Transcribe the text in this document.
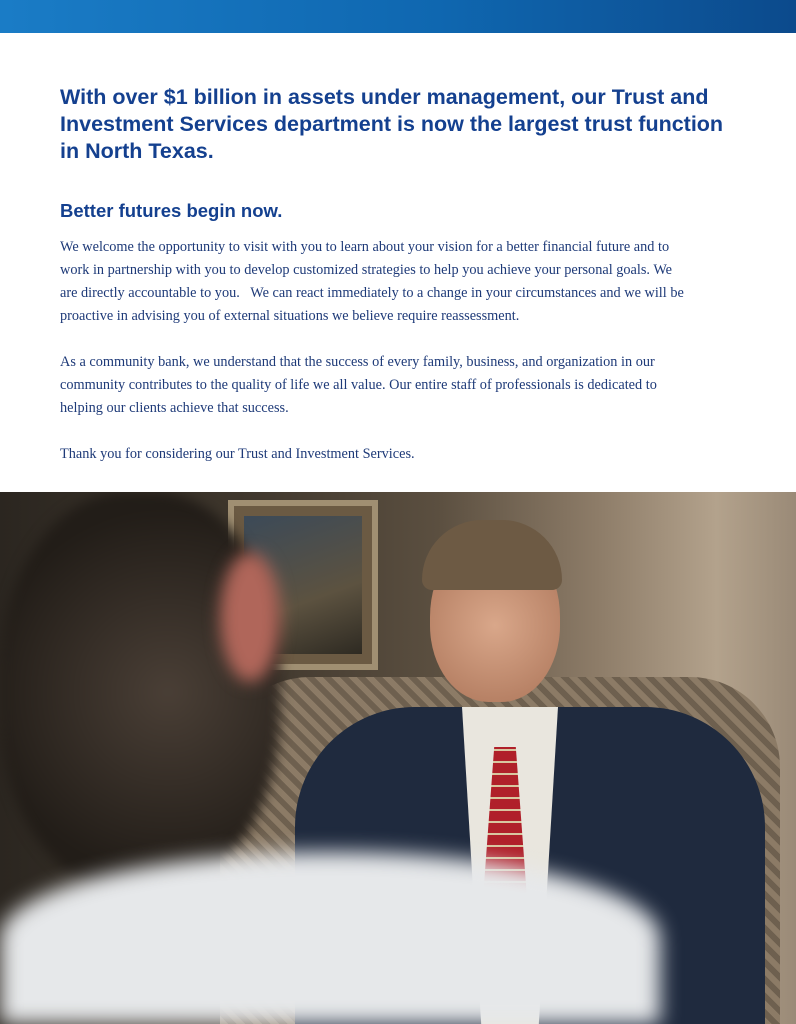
With over $1 billion in assets under management, our Trust and
Investment Services department is now the largest trust function
in North Texas.
Better futures begin now.
We welcome the opportunity to visit with you to learn about your vision for a better financial future and to
work in partnership with you to develop customized strategies to help you achieve your personal goals. We
are directly accountable to you.   We can react immediately to a change in your circumstances and we will be
proactive in advising you of external situations we believe require reassessment.
As a community bank, we understand that the success of every family, business, and organization in our
community contributes to the quality of life we all value. Our entire staff of professionals is dedicated to
helping our clients achieve that success.
Thank you for considering our Trust and Investment Services.
